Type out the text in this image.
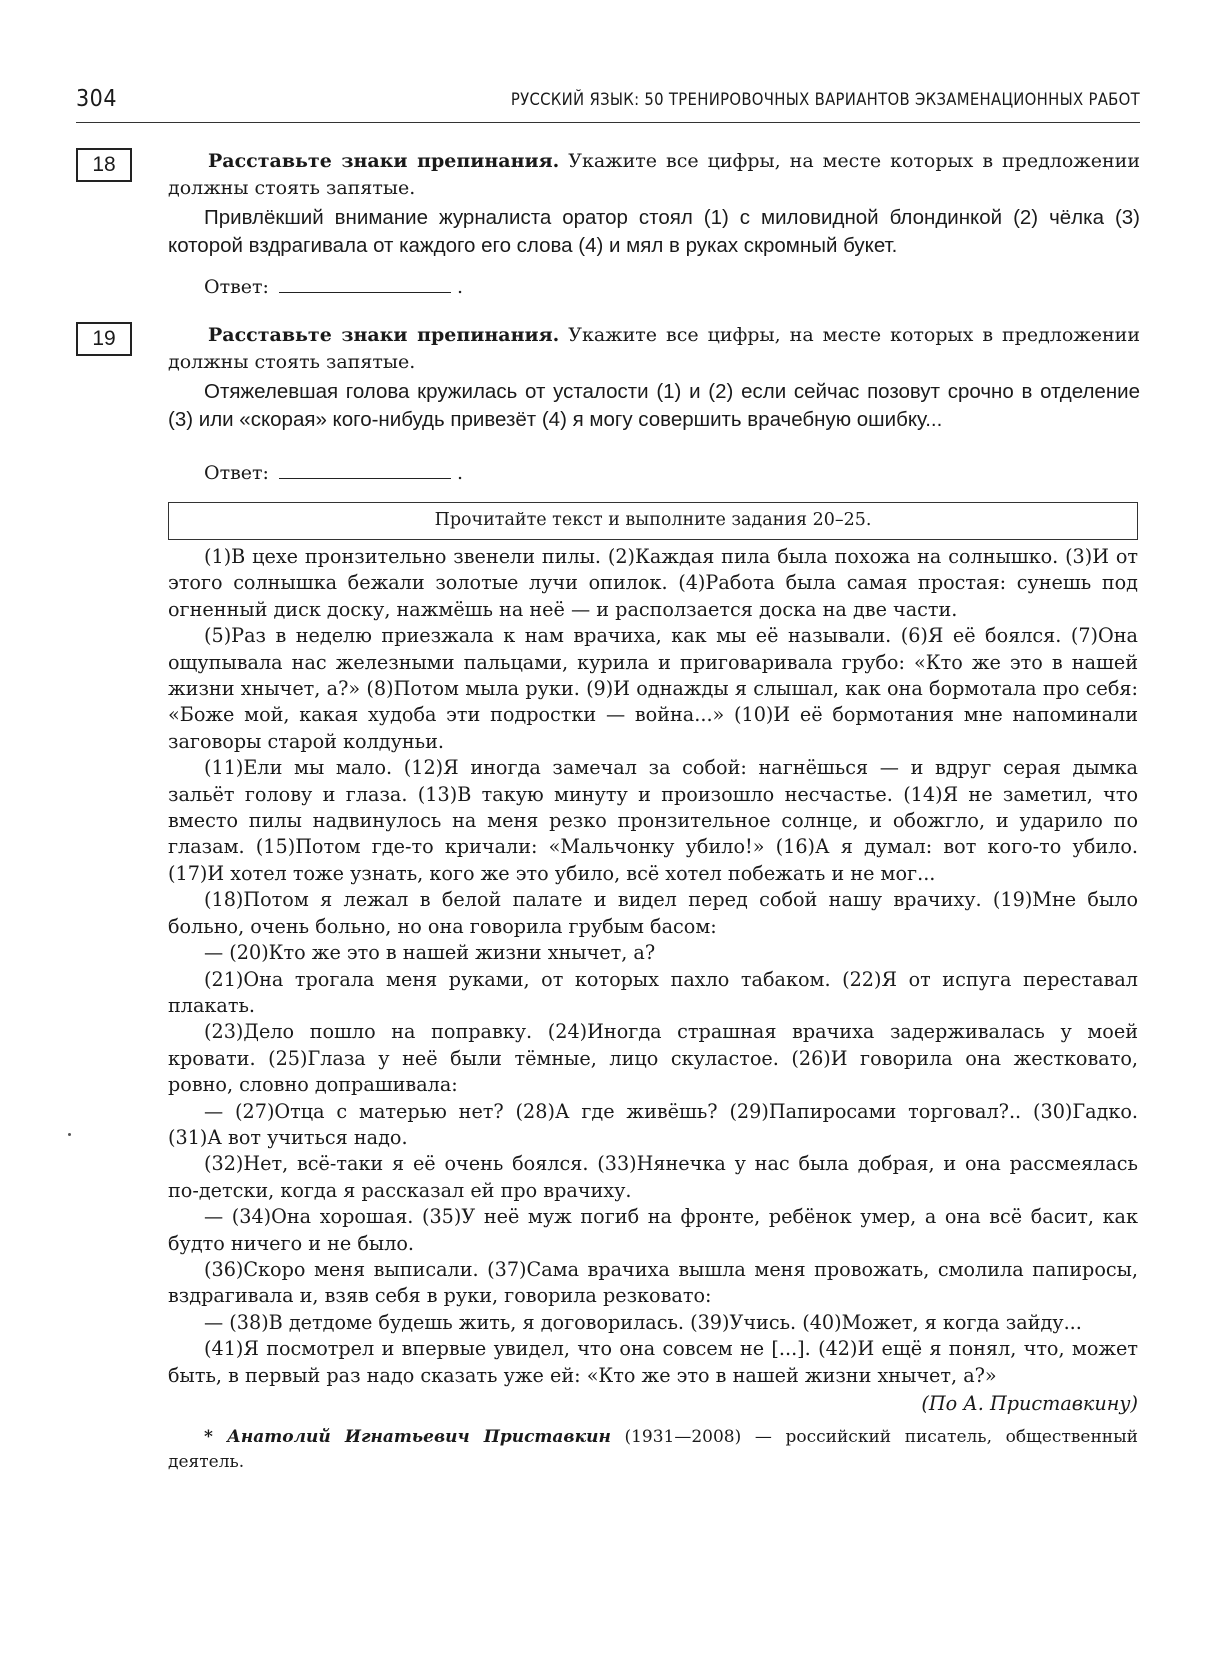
304	РУССКИЙ ЯЗЫК: 50 ТРЕНИРОВОЧНЫХ ВАРИАНТОВ ЭКЗАМЕНАЦИОННЫХ РАБОТ
18	Расставьте знаки препинания. Укажите все цифры, на месте которых в предложении должны стоять запятые.
Привлёкший внимание журналиста оратор стоял (1) с миловидной блондинкой (2) чёлка (3) которой вздрагивала от каждого его слова (4) и мял в руках скромный букет.
Ответ:	.
19	Расставьте знаки препинания. Укажите все цифры, на месте которых в предложении должны стоять запятые.
Отяжелевшая голова кружилась от усталости (1) и (2) если сейчас позовут срочно в отделение (3) или «скорая» кого-нибудь привезёт (4) я могу совершить врачебную ошибку...
Ответ:	.
Прочитайте текст и выполните задания 20–25.

(1)В цехе пронзительно звенели пилы. (2)Каждая пила была похожа на солнышко. (3)И от этого солнышка бежали золотые лучи опилок. (4)Работа была самая простая: сунешь под огненный диск доску, нажмёшь на неё — и расползается доска на две части.

(5)Раз в неделю приезжала к нам врачиха, как мы её называли. (6)Я её боялся. (7)Она ощупывала нас железными пальцами, курила и приговаривала грубо: «Кто же это в нашей жизни хнычет, а?» (8)Потом мыла руки. (9)И однажды я слышал, как она бормотала про себя: «Боже мой, какая худоба эти подростки — война...» (10)И её бормотания мне напоминали заговоры старой колдуньи.

(11)Ели мы мало. (12)Я иногда замечал за собой: нагнёшься — и вдруг серая дымка зальёт голову и глаза. (13)В такую минуту и произошло несчастье. (14)Я не заметил, что вместо пилы надвинулось на меня резко пронзительное солнце, и обожгло, и ударило по глазам. (15)Потом где-то кричали: «Мальчонку убило!» (16)А я думал: вот кого-то убило. (17)И хотел тоже узнать, кого же это убило, всё хотел побежать и не мог...

(18)Потом я лежал в белой палате и видел перед собой нашу врачиху. (19)Мне было больно, очень больно, но она говорила грубым басом:

— (20)Кто же это в нашей жизни хнычет, а?

(21)Она трогала меня руками, от которых пахло табаком. (22)Я от испуга переставал плакать.

(23)Дело пошло на поправку. (24)Иногда страшная врачиха задерживалась у моей кровати. (25)Глаза у неё были тёмные, лицо скуластое. (26)И говорила она жестковато, ровно, словно допрашивала:

— (27)Отца с матерью нет? (28)А где живёшь? (29)Папиросами торговал?.. (30)Гадко. (31)А вот учиться надо.

(32)Нет, всё-таки я её очень боялся. (33)Нянечка у нас была добрая, и она рассмеялась по-детски, когда я рассказал ей про врачиху.

— (34)Она хорошая. (35)У неё муж погиб на фронте, ребёнок умер, а она всё басит, как будто ничего и не было.

(36)Скоро меня выписали. (37)Сама врачиха вышла меня провожать, смолила папиросы, вздрагивала и, взяв себя в руки, говорила резковато:

— (38)В детдоме будешь жить, я договорилась. (39)Учись. (40)Может, я когда зайду...

(41)Я посмотрел и впервые увидел, что она совсем не [...]. (42)И ещё я понял, что, может быть, в первый раз надо сказать уже ей: «Кто же это в нашей жизни хнычет, а?»

(По А. Приставкину)
* Анатолий Игнатьевич Приставкин (1931—2008) — российский писатель, общественный деятель.
